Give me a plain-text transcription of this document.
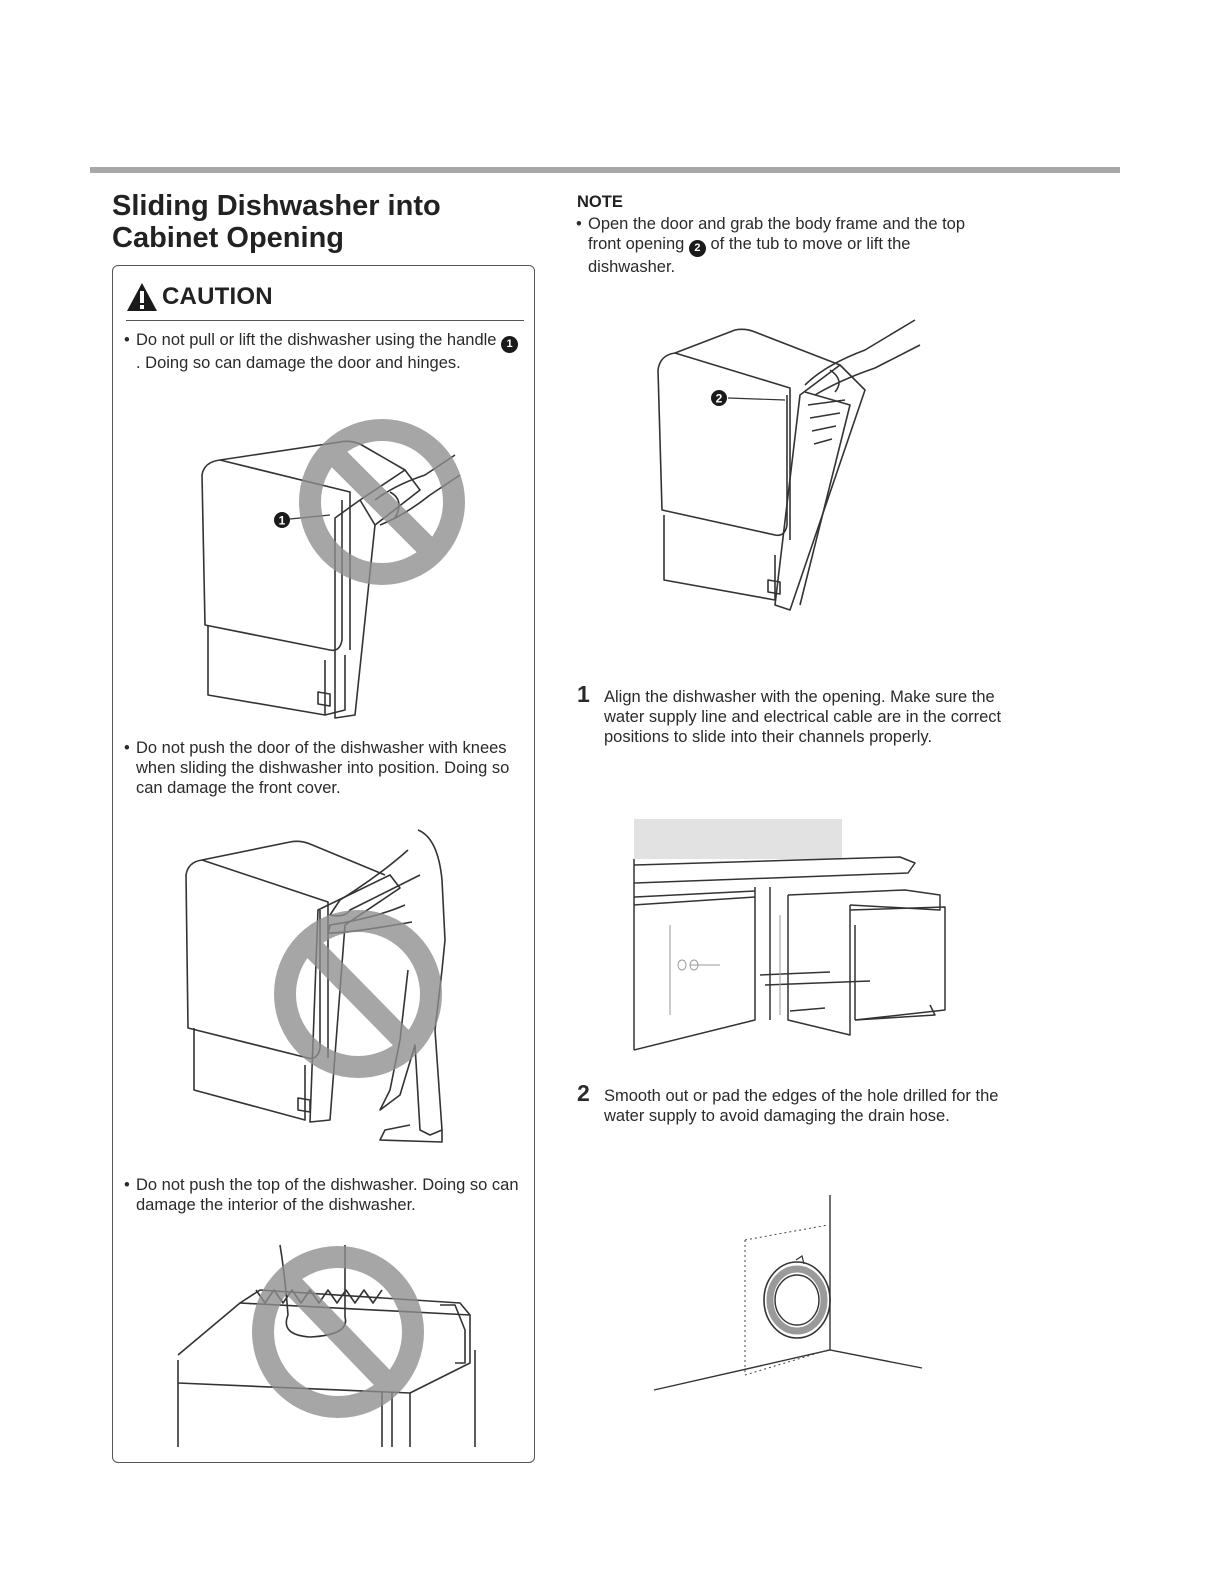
Sliding Dishwasher into Cabinet Opening
CAUTION
• Do not pull or lift the dishwasher using the handle 1. Doing so can damage the door and hinges.

1
• Do not push the door of the dishwasher with knees when sliding the dishwasher into position. Doing so can damage the front cover.

• Do not push the top of the dishwasher. Doing so can damage the interior of the dishwasher.

NOTE
• Open the door and grab the body frame and the top front opening 2 of the tub to move or lift the dishwasher.

2
1 Align the dishwasher with the opening. Make sure the water supply line and electrical cable are in the correct positions to slide into their channels properly.

2 Smooth out or pad the edges of the hole drilled for the water supply to avoid damaging the drain hose.
